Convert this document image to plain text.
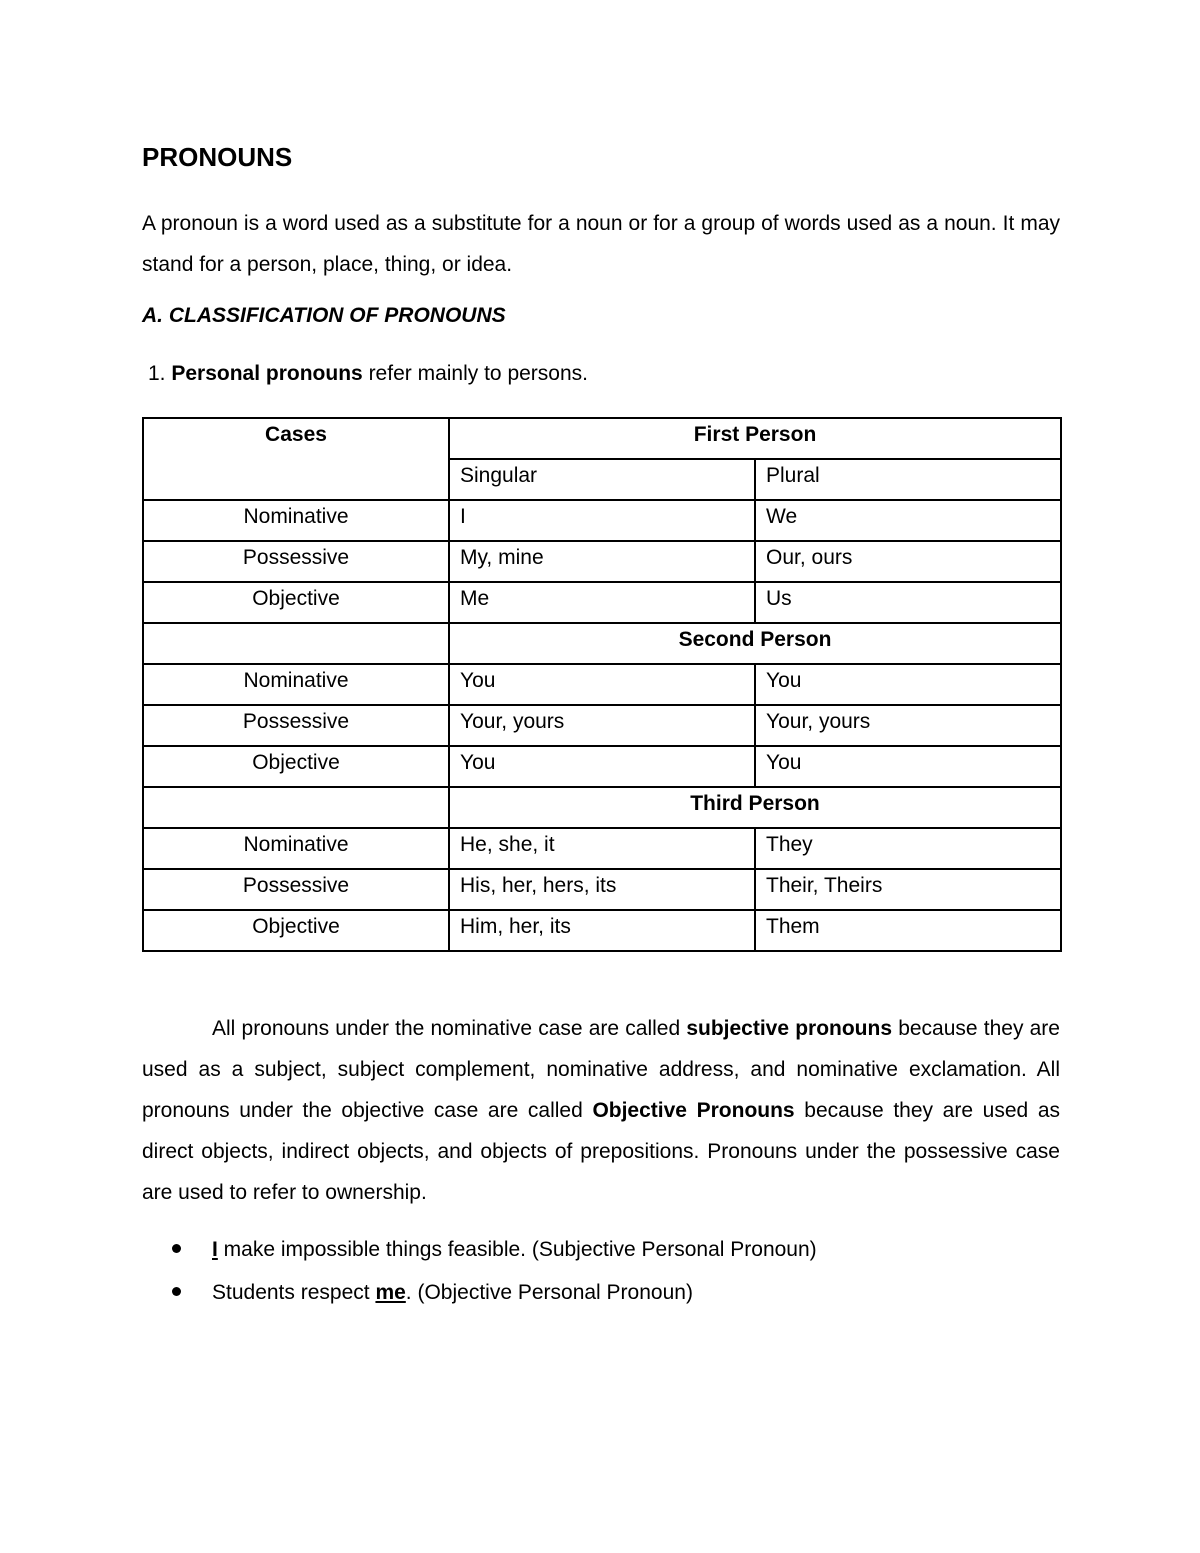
PRONOUNS

A pronoun is a word used as a substitute for a noun or for a group of words used as a noun. It may stand for a person, place, thing, or idea.

A. CLASSIFICATION OF PRONOUNS

1. Personal pronouns refer mainly to persons.

Cases	First Person	
	Singular	Plural
Nominative	I	We
Possessive	My, mine	Our, ours
Objective	Me	Us
	Second Person	
Nominative	You	You
Possessive	Your, yours	Your, yours
Objective	You	You
	Third Person	
Nominative	He, she, it	They
Possessive	His, her, hers, its	Their, Theirs
Objective	Him, her, its	Them

All pronouns under the nominative case are called subjective pronouns because they are used as a subject, subject complement, nominative address, and nominative exclamation. All pronouns under the objective case are called Objective Pronouns because they are used as direct objects, indirect objects, and objects of prepositions. Pronouns under the possessive case are used to refer to ownership.

I make impossible things feasible. (Subjective Personal Pronoun)
Students respect me. (Objective Personal Pronoun)
